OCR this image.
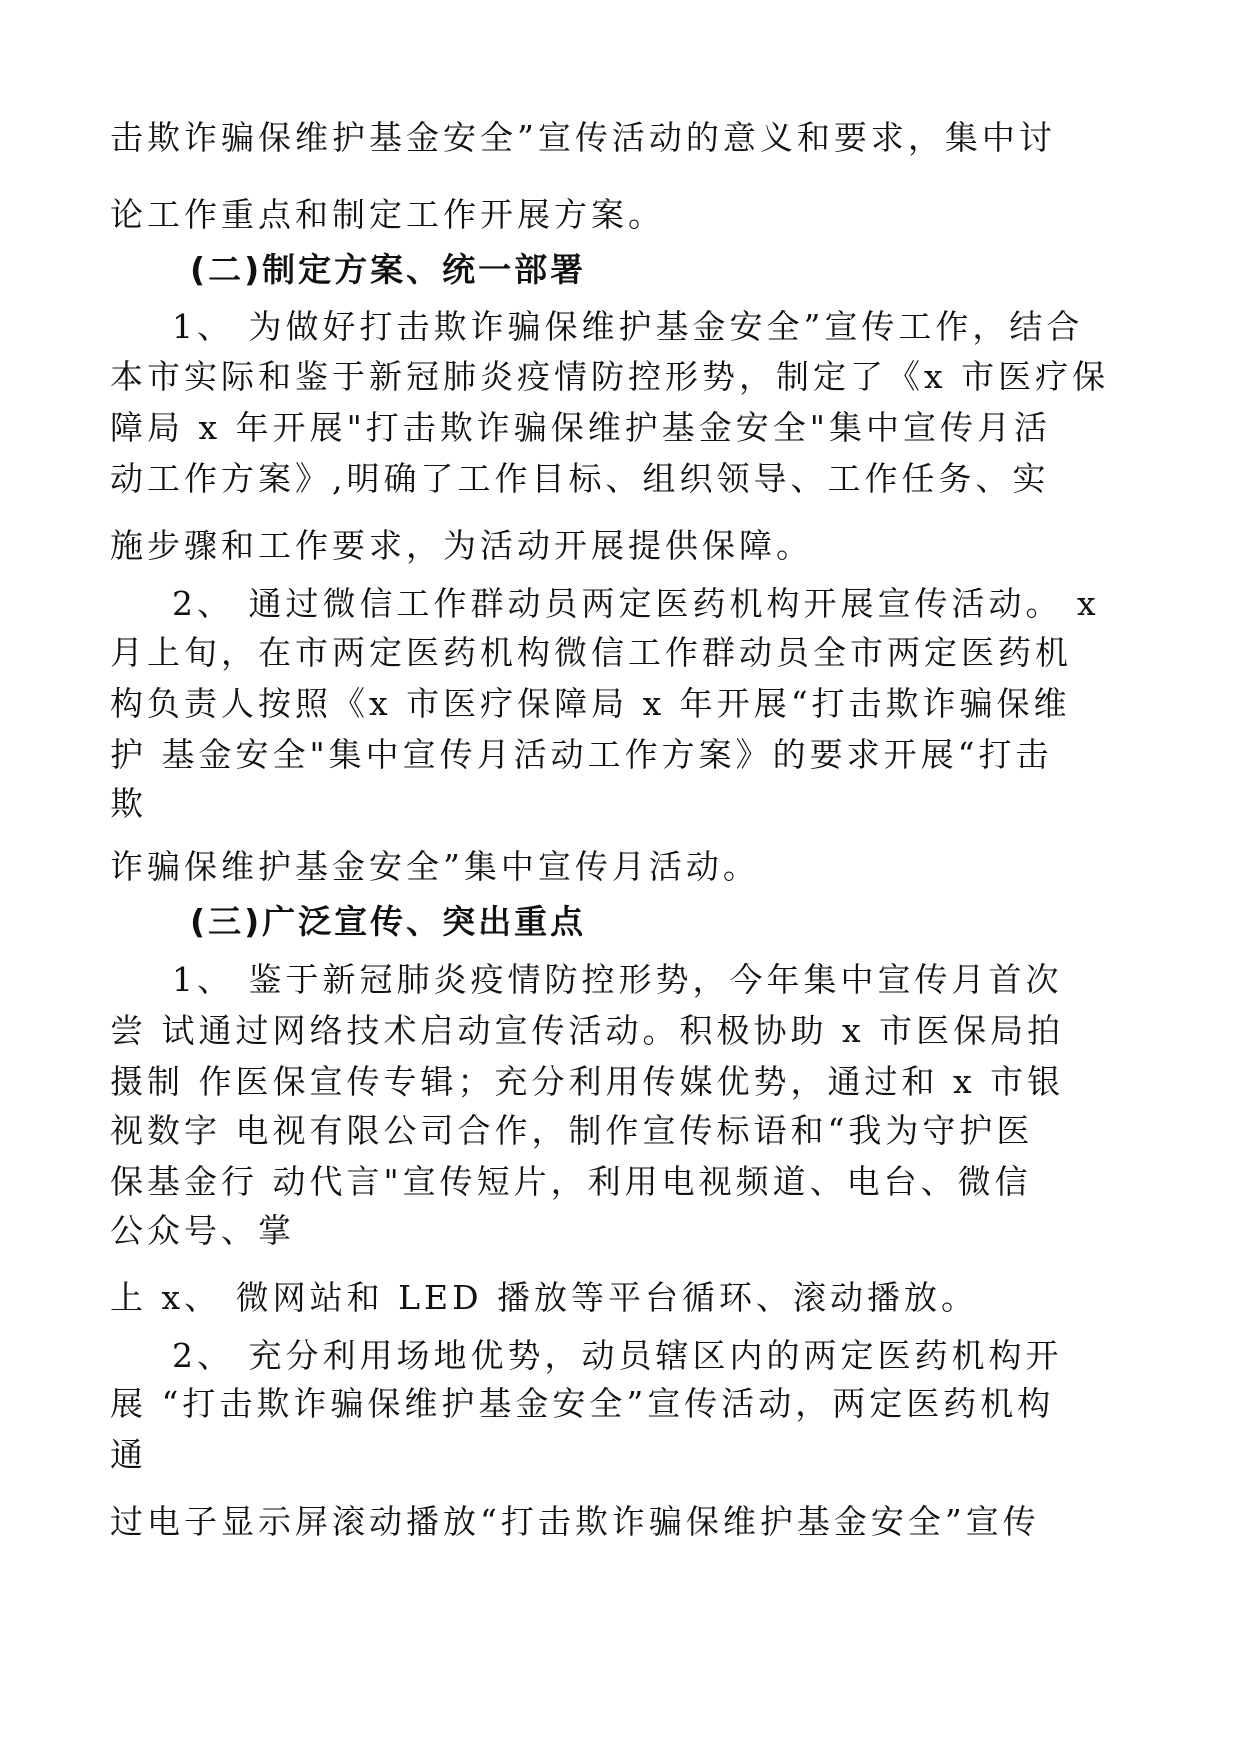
击欺诈骗保维护基金安全”宣传活动的意义和要求，集中讨
论工作重点和制定工作开展方案。
(二)制定方案、统一部署
1、 为做好打击欺诈骗保维护基金安全”宣传工作，结合
本市实际和鉴于新冠肺炎疫情防控形势，制定了《x 市医疗保
障局 x 年开展"打击欺诈骗保维护基金安全"集中宣传月活
动工作方案》,明确了工作目标、组织领导、工作任务、实
施步骤和工作要求，为活动开展提供保障。
2、 通过微信工作群动员两定医药机构开展宣传活动。 x
月上旬，在市两定医药机构微信工作群动员全市两定医药机
构负责人按照《x 市医疗保障局 x 年开展“打击欺诈骗保维
护 基金安全"集中宣传月活动工作方案》的要求开展“打击
欺
诈骗保维护基金安全”集中宣传月活动。
(三)广泛宣传、突出重点
1、 鉴于新冠肺炎疫情防控形势，今年集中宣传月首次
尝 试通过网络技术启动宣传活动。积极协助 x 市医保局拍
摄制 作医保宣传专辑；充分利用传媒优势，通过和 x 市银
视数字 电视有限公司合作，制作宣传标语和“我为守护医
保基金行 动代言"宣传短片，利用电视频道、电台、微信
公众号、掌
上 x、 微网站和 LED 播放等平台循环、滚动播放。
2、 充分利用场地优势，动员辖区内的两定医药机构开
展 “打击欺诈骗保维护基金安全”宣传活动，两定医药机构
通
过电子显示屏滚动播放“打击欺诈骗保维护基金安全”宣传
